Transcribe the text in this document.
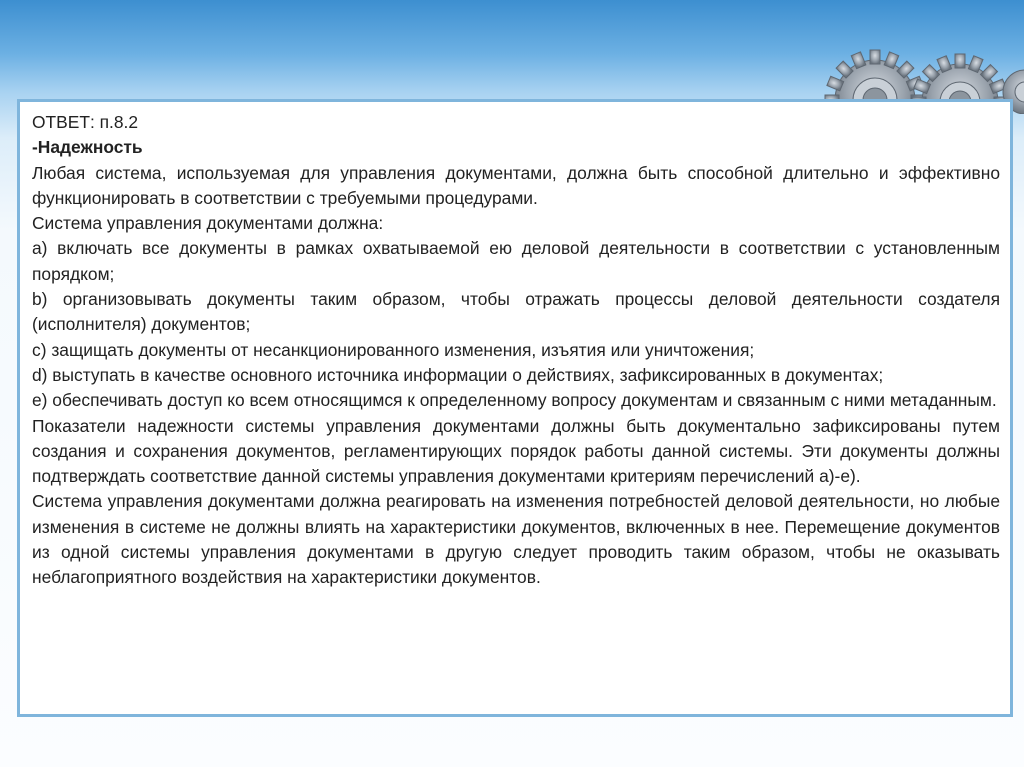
ОТВЕТ: п.8.2

-Надежность

Любая система, используемая для управления документами, должна быть способной длительно и эффективно функционировать в соответствии с требуемыми процедурами.

Система управления документами должна:

а) включать все документы в рамках охватываемой ею деловой деятельности в соответствии с установленным порядком;

b) организовывать документы таким образом, чтобы отражать процессы деловой деятельности создателя (исполнителя) документов;

с) защищать документы от несанкционированного изменения, изъятия или уничтожения;

d) выступать в качестве основного источника информации о действиях, зафиксированных в документах;

е) обеспечивать доступ ко всем относящимся к определенному вопросу документам и связанным с ними метаданным.

Показатели надежности системы управления документами должны быть документально зафиксированы путем создания и сохранения документов, регламентирующих порядок работы данной системы. Эти документы должны подтверждать соответствие данной системы управления документами критериям перечислений а)-е).

Система управления документами должна реагировать на изменения потребностей деловой деятельности, но любые изменения в системе не должны влиять на характеристики документов, включенных в нее. Перемещение документов из одной системы управления документами в другую следует проводить таким образом, чтобы не оказывать неблагоприятного воздействия на характеристики документов.
